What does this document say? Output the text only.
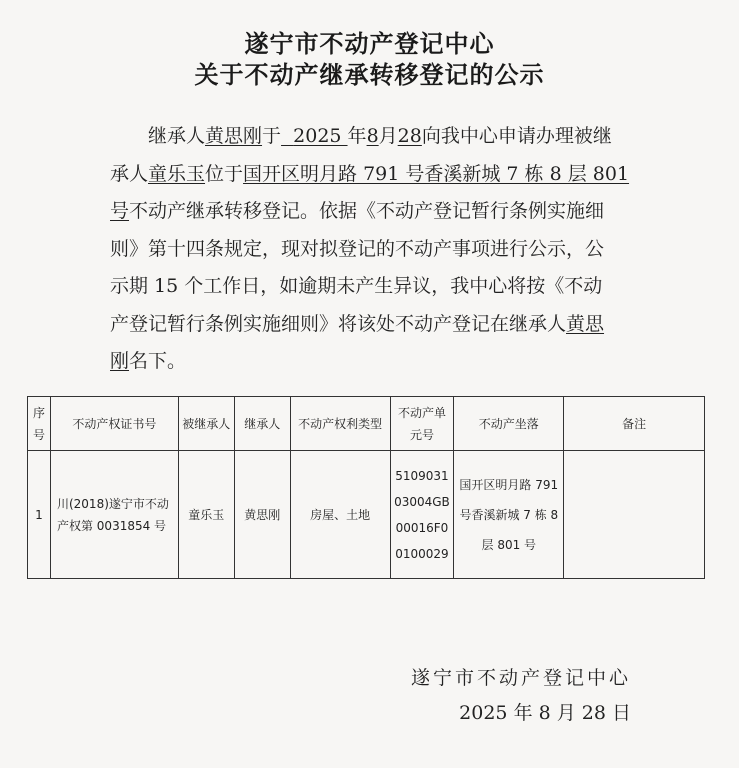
遂宁市不动产登记中心
关于不动产继承转移登记的公示
继承人黄思刚于 2025 年8月28向我中心申请办理被继
承人童乐玉位于国开区明月路 791 号香溪新城 7 栋 8 层 801
号不动产继承转移登记。依据《不动产登记暂行条例实施细
则》第十四条规定，现对拟登记的不动产事项进行公示，公
示期 15 个工作日，如逾期未产生异议，我中心将按《不动
产登记暂行条例实施细则》将该处不动产登记在继承人黄思
刚名下。
序号	不动产权证书号	被继承人	继承人	不动产权利类型	不动产单元号	不动产坐落	备注
1	川(2018)遂宁市不动产权第 0031854 号	童乐玉	黄思刚	房屋、土地	510903103004GB00016F00100029	国开区明月路 791 号香溪新城 7 栋 8 层 801 号	
遂宁市不动产登记中心
2025 年 8 月 28 日
